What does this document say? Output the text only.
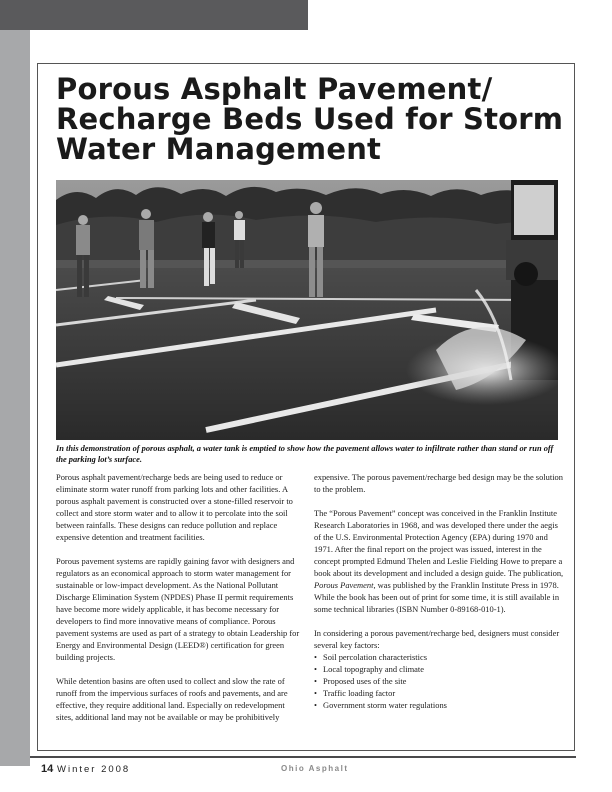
Porous Asphalt Pavement/
Recharge Beds Used for Storm
Water Management

In this demonstration of porous asphalt, a water tank is emptied to show how the pavement allows water to infiltrate rather than stand or run off the parking lot’s surface.

Porous asphalt pavement/recharge beds are being used to reduce or eliminate storm water runoff from parking lots and other facilities. A porous asphalt pavement is constructed over a stone-filled reservoir to collect and store storm water and to allow it to percolate into the soil between rainfalls. These designs can reduce pollution and replace expensive detention and treatment facilities.

Porous pavement systems are rapidly gaining favor with designers and regulators as an economical approach to storm water management for sustainable or low-impact development. As the National Pollutant Discharge Elimination System (NPDES) Phase II permit requirements have become more widely applicable, it has become necessary for developers to find more innovative means of compliance. Porous pavement systems are used as part of a strategy to obtain Leadership for Energy and Environmental Design (LEED®) certification for green building projects.

While detention basins are often used to collect and slow the rate of runoff from the impervious surfaces of roofs and pavements, and are effective, they require additional land. Especially on redevelopment sites, additional land may not be available or may be prohibitively

expensive. The porous pavement/recharge bed design may be the solution to the problem.

The “Porous Pavement” concept was conceived in the Franklin Institute Research Laboratories in 1968, and was developed there under the aegis of the U.S. Environmental Protection Agency (EPA) during 1970 and 1971. After the final report on the project was issued, interest in the concept prompted Edmund Thelen and Leslie Fielding Howe to prepare a book about its development and included a design guide. The publication, Porous Pavement, was published by the Franklin Institute Press in 1978. While the book has been out of print for some time, it is still available in some technical libraries (ISBN Number 0-89168-010-1).

In considering a porous pavement/recharge bed, designers must consider several key factors:

• Soil percolation characteristics
• Local topography and climate
• Proposed uses of the site
• Traffic loading factor
• Government storm water regulations
14 Winter 2008	Ohio Asphalt
